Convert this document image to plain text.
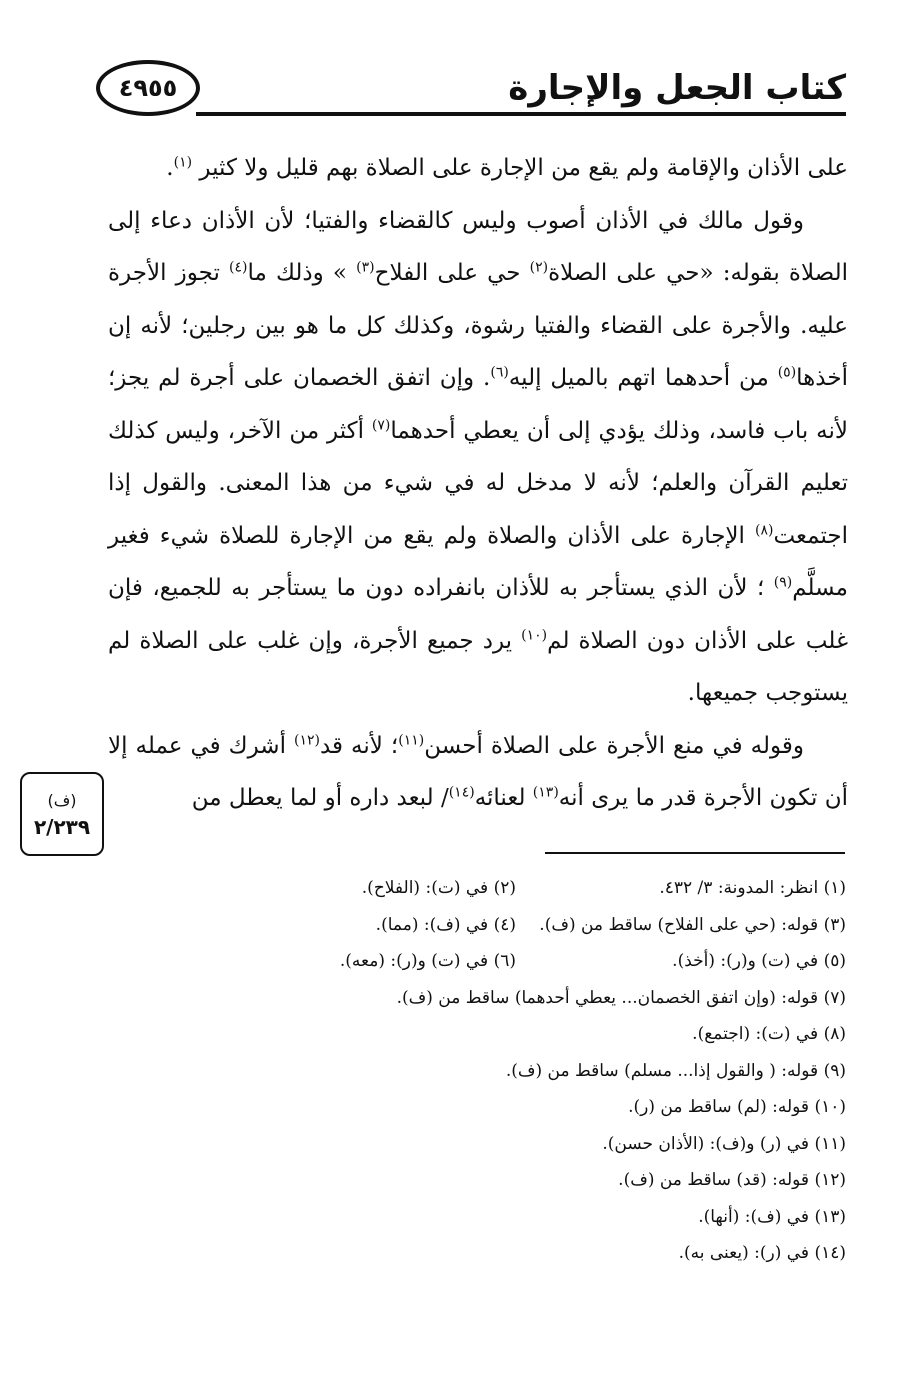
كتاب الجعل والإجارة
٤٩٥٥
(ف)
٢/٢٣٩

على الأذان والإقامة ولم يقع من الإجارة على الصلاة بهم قليل ولا كثير $^{(١)}$.

وقول مالك في الأذان أصوب وليس كالقضاء والفتيا؛ لأن الأذان دعاء إلى الصلاة بقوله: «حي على الصلاة$^{(٢)}$ حي على الفلاح$^{(٣)}$ » وذلك ما$^{(٤)}$ تجوز الأجرة عليه. والأجرة على القضاء والفتيا رشوة، وكذلك كل ما هو بين رجلين؛ لأنه إن أخذها$^{(٥)}$ من أحدهما اتهم بالميل إليه$^{(٦)}$. وإن اتفق الخصمان على أجرة لم يجز؛ لأنه باب فاسد، وذلك يؤدي إلى أن يعطي أحدهما$^{(٧)}$ أكثر من الآخر، وليس كذلك تعليم القرآن والعلم؛ لأنه لا مدخل له في شيء من هذا المعنى. والقول إذا اجتمعت$^{(٨)}$ الإجارة على الأذان والصلاة ولم يقع من الإجارة للصلاة شيء فغير مسلَّم$^{(٩)}$ ؛ لأن الذي يستأجر به للأذان بانفراده دون ما يستأجر به للجميع، فإن غلب على الأذان دون الصلاة لم$^{(١٠)}$ يرد جميع الأجرة، وإن غلب على الصلاة لم يستوجب جميعها.

وقوله في منع الأجرة على الصلاة أحسن$^{(١١)}$؛ لأنه قد$^{(١٢)}$ أشرك في عمله إلا أن تكون الأجرة قدر ما يرى أنه$^{(١٣)}$ لعنائه$^{(١٤)}$/ لبعد داره أو لما يعطل من

(١) انظر: المدونة: ٣/ ٤٣٢.
(٢) في (ت): (الفلاح).
(٣) قوله: (حي على الفلاح) ساقط من (ف).
(٤) في (ف): (مما).
(٥) في (ت) و(ر): (أخذ).
(٦) في (ت) و(ر): (معه).
(٧) قوله: (وإن اتفق الخصمان... يعطي أحدهما) ساقط من (ف).
(٨) في (ت): (اجتمع).
(٩) قوله: ( والقول إذا... مسلم) ساقط من (ف).
(١٠) قوله: (لم) ساقط من (ر).
(١١) في (ر) و(ف): (الأذان حسن).
(١٢) قوله: (قد) ساقط من (ف).
(١٣) في (ف): (أنها).
(١٤) في (ر): (يعنى به).
